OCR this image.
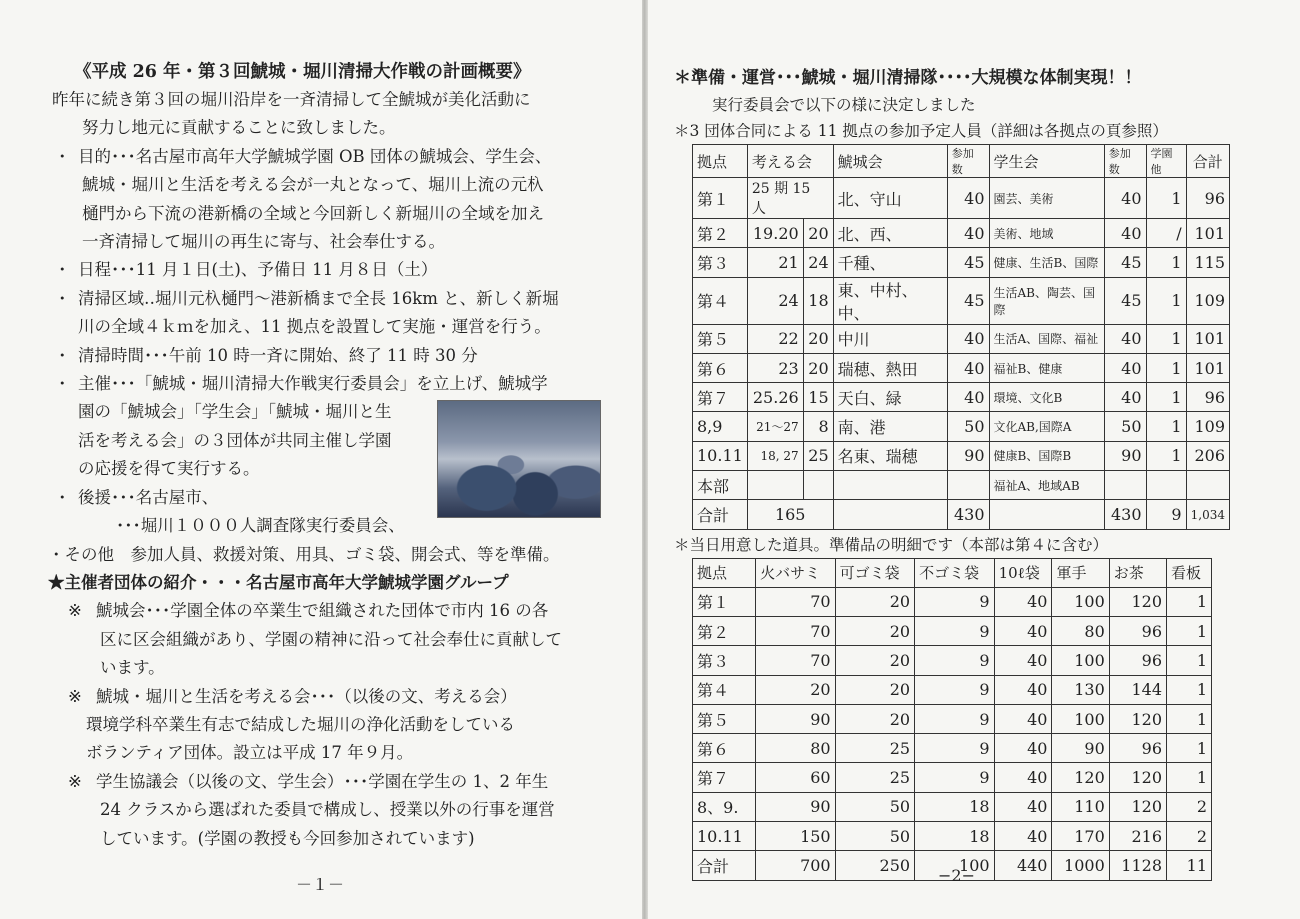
《平成 26 年・第３回鯱城・堀川清掃大作戦の計画概要》
昨年に続き第３回の堀川沿岸を一斉清掃して全鯱城が美化活動に
努力し地元に貢献することに致しました。
・ 目的･･･名古屋市高年大学鯱城学園 OB 団体の鯱城会、学生会、
鯱城・堀川と生活を考える会が一丸となって、堀川上流の元杁
樋門から下流の港新橋の全域と今回新しく新堀川の全域を加え
一斉清掃して堀川の再生に寄与、社会奉仕する。
・ 日程･･･11 月１日(土)、予備日 11 月８日（土）
・ 清掃区域‥堀川元杁樋門～港新橋まで全長 16km と、新しく新堀
川の全域４ｋｍを加え、11 拠点を設置して実施・運営を行う。
・ 清掃時間･･･午前 10 時一斉に開始、終了 11 時 30 分
・ 主催･･･「鯱城・堀川清掃大作戦実行委員会」を立上げ、鯱城学
園の「鯱城会」「学生会」「鯱城・堀川と生
活を考える会」の３団体が共同主催し学園
の応援を得て実行する。
・ 後援･･･名古屋市、
･･･堀川１０００人調査隊実行委員会、
・その他　参加人員、救援対策、用具、ゴミ袋、開会式、等を準備。
★主催者団体の紹介・・・名古屋市高年大学鯱城学園グループ
※ 鯱城会･･･学園全体の卒業生で組織された団体で市内 16 の各
区に区会組織があり、学園の精神に沿って社会奉仕に貢献して
います。
※ 鯱城・堀川と生活を考える会･･･（以後の文、考える会）
環境学科卒業生有志で結成した堀川の浄化活動をしている
ボランティア団体。設立は平成 17 年９月。
※ 学生協議会（以後の文、学生会）･･･学園在学生の 1、2 年生
24 クラスから選ばれた委員で構成し、授業以外の行事を運営
しています。(学園の教授も今回参加されています)
－１－
＊準備・運営･･･鯱城・堀川清掃隊････大規模な体制実現！！
実行委員会で以下の様に決定しました
＊3 団体合同による 11 拠点の参加予定人員（詳細は各拠点の頁参照）
拠点	考える会		鯱城会	参加数	学生会	参加数	学園他	合計
第１	25 期 15 人		北、守山	40	園芸、美術	40	1	96
第２	19.20	20	北、西、	40	美術、地域	40	/	101
第３	21	24	千種、	45	健康、生活B、国際	45	1	115
第４	24	18	東、中村、中、	45	生活AB、陶芸、国際	45	1	109
第５	22	20	中川	40	生活A、国際、福祉	40	1	101
第６	23	20	瑞穂、熱田	40	福祉B、健康	40	1	101
第７	25.26	15	天白、緑	40	環境、文化B	40	1	96
8,9	21～27	8	南、港	50	文化AB,国際A	50	1	109
10.11	18, 27	25	名東、瑞穂	90	健康B、国際B	90	1	206
本部					福祉A、地域AB			
合計	165			430		430	9	1,034
＊当日用意した道具。準備品の明細です（本部は第４に含む）
拠点	火バサミ	可ゴミ袋	不ゴミ袋	10ℓ袋	軍手	お茶	看板
第１	70	20	9	40	100	120	1
第２	70	20	9	40	80	96	1
第３	70	20	9	40	100	96	1
第４	20	20	9	40	130	144	1
第５	90	20	9	40	100	120	1
第６	80	25	9	40	90	96	1
第７	60	25	9	40	120	120	1
8、9.	90	50	18	40	110	120	2
10.11	150	50	18	40	170	216	2
合計	700	250	100	440	1000	1128	11
−2−
